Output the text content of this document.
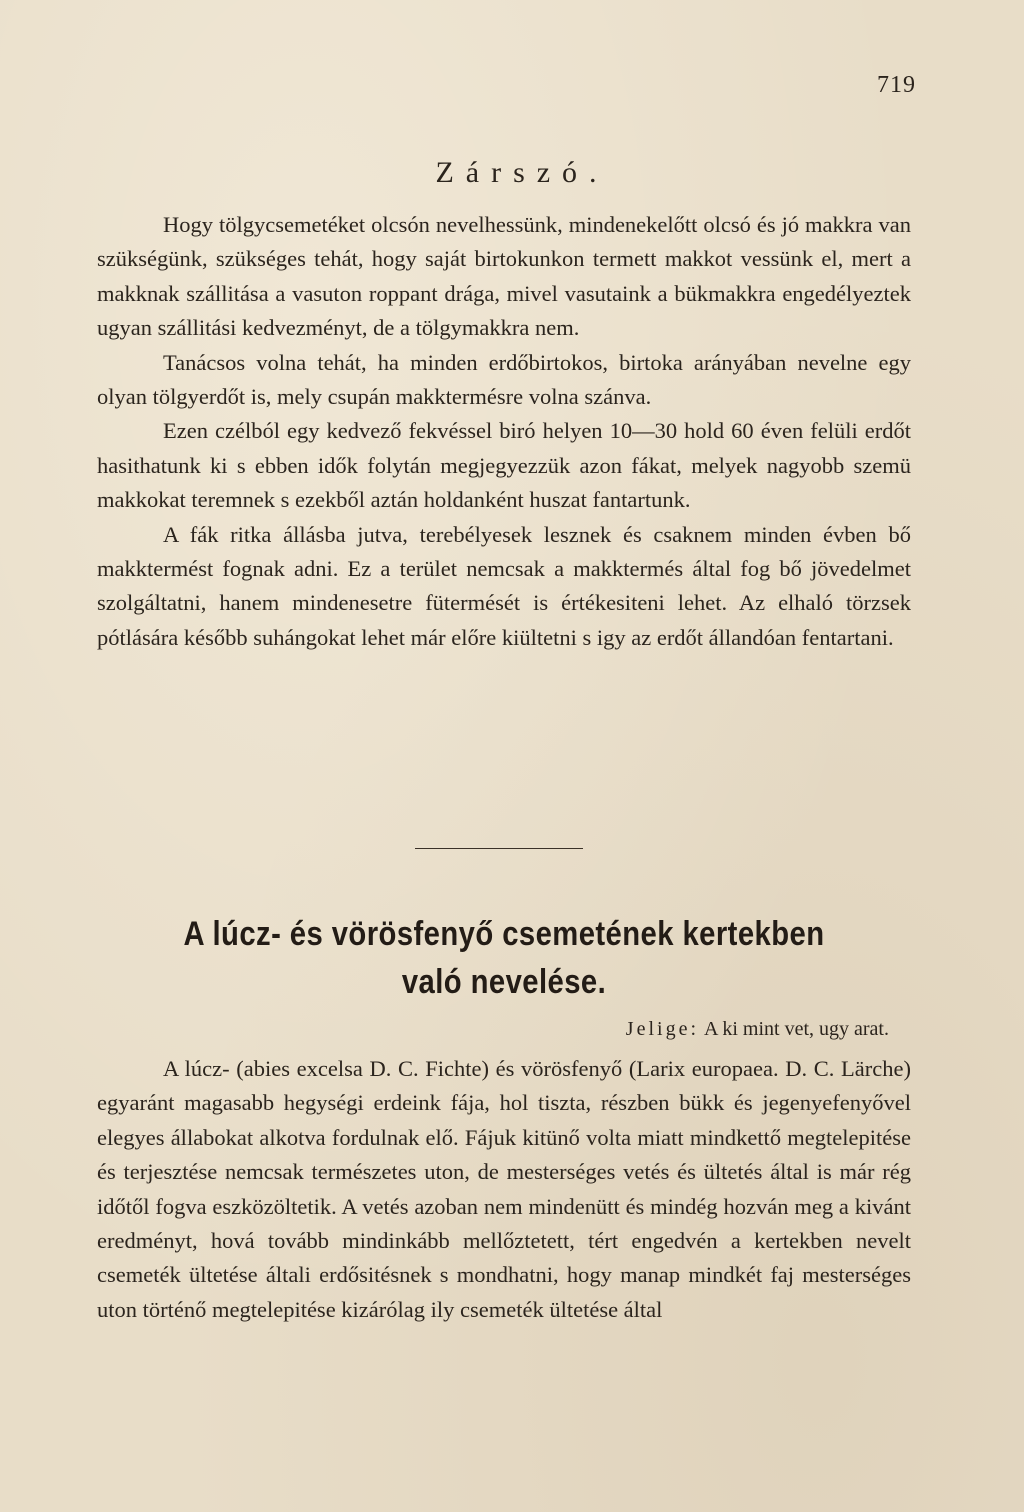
719
Zárszó.

Hogy tölgycsemetéket olcsón nevelhessünk, mindenekelőtt olcsó és jó makkra van szükségünk, szükséges tehát, hogy saját birtokunkon termett makkot vessünk el, mert a makknak szállitása a vasuton roppant drága, mivel vasutaink a bükmakkra engedélyeztek ugyan szállitási kedvezményt, de a tölgymakkra nem.

Tanácsos volna tehát, ha minden erdőbirtokos, birtoka arányában nevelne egy olyan tölgyerdőt is, mely csupán makktermésre volna szánva.

Ezen czélból egy kedvező fekvéssel biró helyen 10—30 hold 60 éven felüli erdőt hasithatunk ki s ebben idők folytán megjegyezzük azon fákat, melyek nagyobb szemü makkokat teremnek s ezekből aztán holdanként huszat fantartunk.

A fák ritka állásba jutva, terebélyesek lesznek és csaknem minden évben bő makktermést fognak adni. Ez a terület nemcsak a makktermés által fog bő jövedelmet szolgáltatni, hanem mindenesetre fütermését is értékesiteni lehet. Az elhaló törzsek pótlására később suhángokat lehet már előre kiültetni s igy az erdőt állandóan fentartani.

A lúcz- és vörösfenyő csemetének kertekben való nevelése.
Jeligе: A ki mint vet, ugy arat.

A lúcz- (abies excelsa D. C. Fichte) és vörösfenyő (Larix europaea. D. C. Lärche) egyaránt magasabb hegységi erdeink fája, hol tiszta, részben bükk és jegenyefenyővel elegyes állabokat alkotva fordulnak elő. Fájuk kitünő volta miatt mindkettő megtelepitése és terjesztése nemcsak természetes uton, de mesterséges vetés és ültetés által is már rég időtől fogva eszközöltetik. A vetés azoban nem mindenütt és mindég hozván meg a kivánt eredményt, hová tovább mindinkább mellőztetett, tért engedvén a kertekben nevelt csemeték ültetése általi erdősitésnek s mondhatni, hogy manap mindkét faj mesterséges uton történő megtelepitése kizárólag ily csemeték ültetése által
